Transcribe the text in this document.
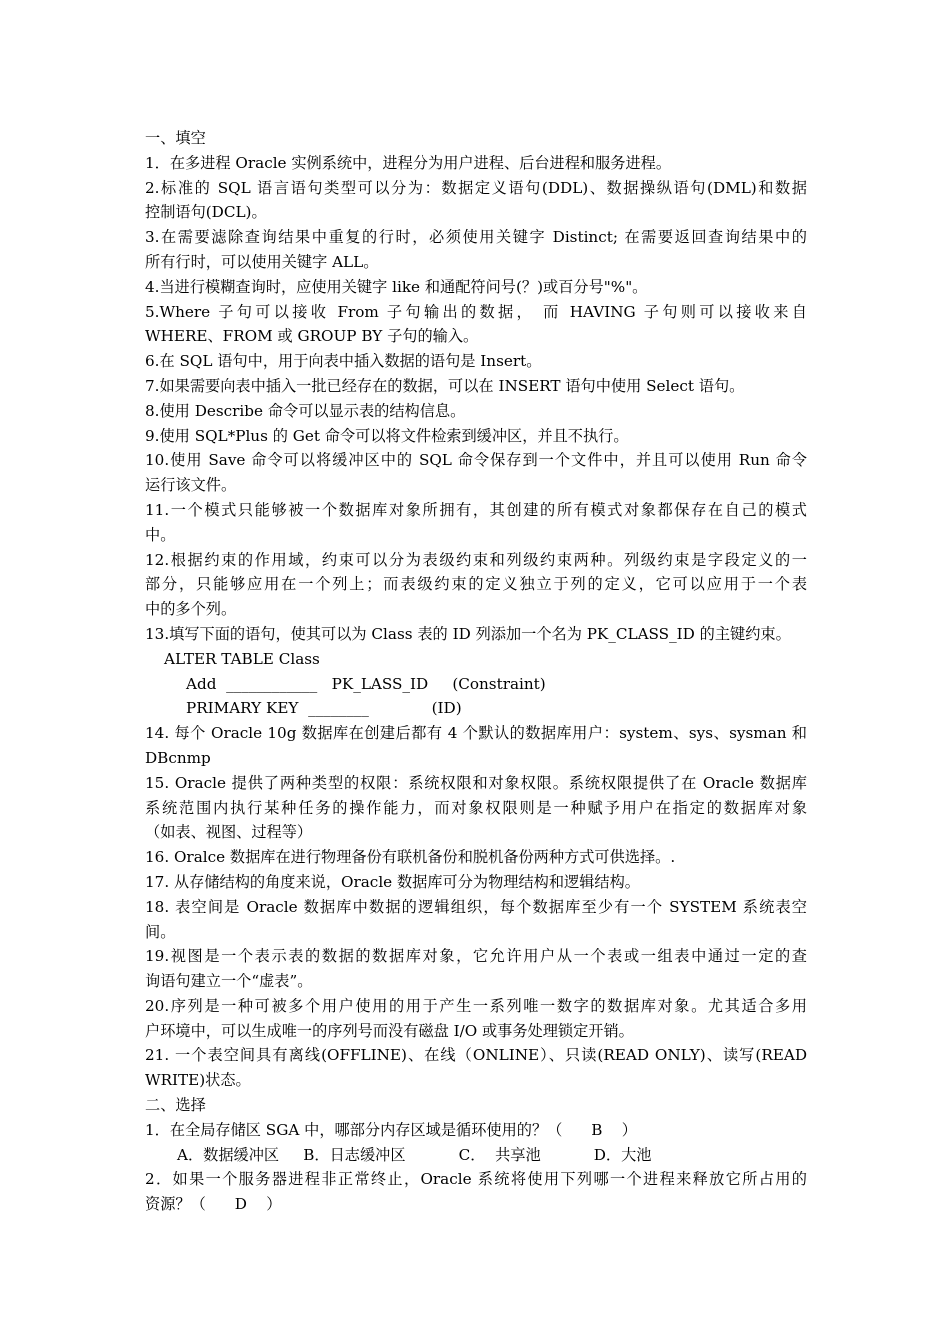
一、填空
1．在多进程 Oracle 实例系统中，进程分为用户进程、后台进程和服务进程。
2.标准的 SQL 语言语句类型可以分为：数据定义语句(DDL)、数据操纵语句(DML)和数据
控制语句(DCL)。
3.在需要滤除查询结果中重复的行时，必须使用关键字 Distinct; 在需要返回查询结果中的
所有行时，可以使用关键字 ALL。
4.当进行模糊查询时，应使用关键字 like 和通配符问号(？)或百分号"%"。
5.Where 子句可以接收 From 子句输出的数据， 而 HAVING 子句则可以接收来自
WHERE、FROM 或 GROUP BY 子句的输入。
6.在 SQL 语句中，用于向表中插入数据的语句是 Insert。
7.如果需要向表中插入一批已经存在的数据，可以在 INSERT 语句中使用 Select 语句。
8.使用 Describe 命令可以显示表的结构信息。
9.使用 SQL*Plus 的 Get 命令可以将文件检索到缓冲区，并且不执行。
10.使用 Save 命令可以将缓冲区中的 SQL 命令保存到一个文件中，并且可以使用 Run 命令
运行该文件。
11.一个模式只能够被一个数据库对象所拥有，其创建的所有模式对象都保存在自己的模式
中。
12.根据约束的作用域，约束可以分为表级约束和列级约束两种。列级约束是字段定义的一
部分，只能够应用在一个列上；而表级约束的定义独立于列的定义，它可以应用于一个表
中的多个列。
13.填写下面的语句，使其可以为 Class 表的 ID 列添加一个名为 PK_CLASS_ID 的主键约束。
ALTER TABLE Class
Add  ____________   PK_LASS_ID     (Constraint)
PRIMARY KEY  ________             (ID)
14. 每个 Oracle 10g 数据库在创建后都有 4 个默认的数据库用户：system、sys、sysman 和
DBcnmp
15. Oracle 提供了两种类型的权限：系统权限和对象权限。系统权限提供了在 Oracle 数据库
系统范围内执行某种任务的操作能力，而对象权限则是一种赋予用户在指定的数据库对象
（如表、视图、过程等）
16. Oralce 数据库在进行物理备份有联机备份和脱机备份两种方式可供选择。.
17. 从存储结构的角度来说，Oracle 数据库可分为物理结构和逻辑结构。
18. 表空间是 Oracle 数据库中数据的逻辑组织，每个数据库至少有一个 SYSTEM 系统表空
间。
19.视图是一个表示表的数据的数据库对象，它允许用户从一个表或一组表中通过一定的查
询语句建立一个“虚表”。
20.序列是一种可被多个用户使用的用于产生一系列唯一数字的数据库对象。尤其适合多用
户环境中，可以生成唯一的序列号而没有磁盘 I/O 或事务处理锁定开销。
21. 一个表空间具有离线(OFFLINE)、在线（ONLINE）、只读(READ ONLY)、读写(READ
WRITE)状态。
二、选择
1．在全局存储区 SGA 中，哪部分内存区域是循环使用的？（      B    ）
A．数据缓冲区     B．日志缓冲区           C．  共享池           D．大池
2．如果一个服务器进程非正常终止，Oracle 系统将使用下列哪一个进程来释放它所占用的
资源？（      D    ）
